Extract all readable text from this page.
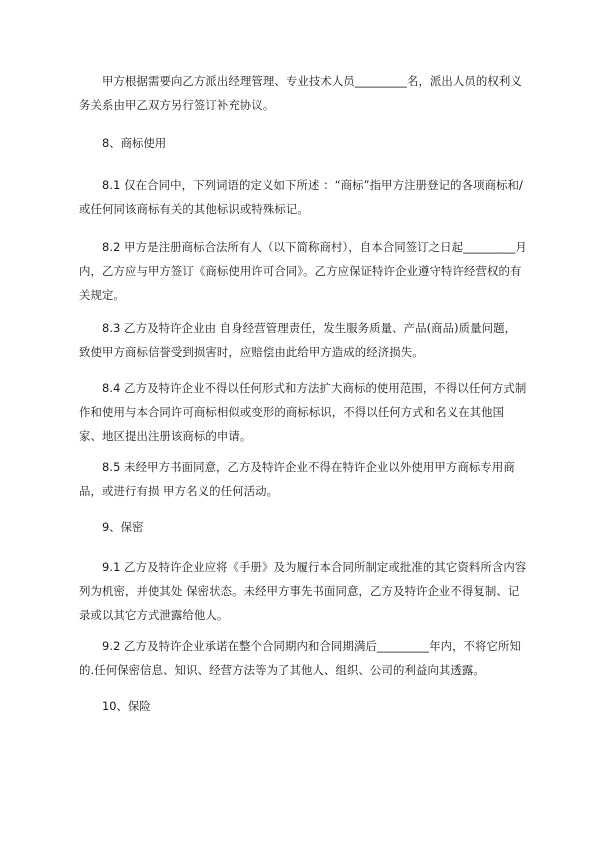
甲方根据需要向乙方派出经理管理、专业技术人员_________名，派出人员的权利义务关系由甲乙双方另行签订补充协议。

8、商标使用

8.1 仅在合同中，下列词语的定义如下所述 ：“商标”指甲方注册登记的各项商标和/或任何同该商标有关的其他标识或特殊标记。

8.2 甲方是注册商标合法所有人（以下简称商村），自本合同签订之日起_________月内，乙方应与甲方签订《商标使用许可合同》。乙方应保证特许企业遵守特许经营权的有关规定。

8.3 乙方及特许企业由 自身经营管理责任，发生服务质量、产品(商品)质量问题，致使甲方商标信誉受到损害时，应赔偿由此给甲方造成的经济损失。

8.4 乙方及特许企业不得以任何形式和方法扩大商标的使用范围，不得以任何方式制作和使用与本合同许可商标相似或变形的商标标识，不得以任何方式和名义在其他国家、地区提出注册该商标的申请。

8.5 未经甲方书面同意，乙方及特许企业不得在特许企业以外使用甲方商标专用商品，或进行有损 甲方名义的任何活动。

9、保密

9.1 乙方及特许企业应将《手册》及为履行本合同所制定或批准的其它资料所含内容列为机密，并使其处 保密状态。未经甲方事先书面同意，乙方及特许企业不得复制、记录或以其它方式泄露给他人。

9.2 乙方及特许企业承诺在整个合同期内和合同期满后_________年内，不将它所知的.任何保密信息、知识、经营方法等为了其他人、组织、公司的利益向其透露。

10、保险
